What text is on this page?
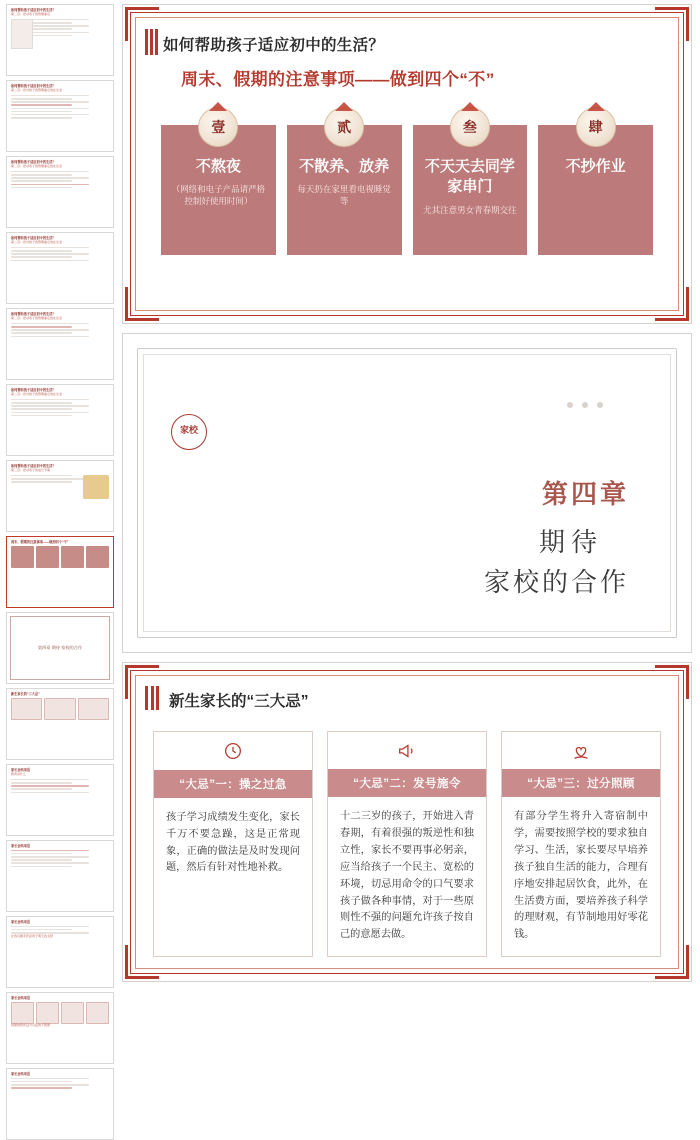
如何帮助孩子适应初中的生活？
第二章：把对孩子的管理重点
如何帮助孩子适应初中的生活？
第二章：把对孩子的管理重点放在生活
如何帮助孩子适应初中的生活？
第二章：把对孩子的管理重点放在生活
如何帮助孩子适应初中的生活？
第二章：把对孩子的管理重点放在生活
如何帮助孩子适应初中的生活？
第二章：把对孩子的管理重点放在生活
如何帮助孩子适应初中的生活？
第二章：把对孩子的管理重点放在生活
如何帮助孩子适应初中的生活？
第三章：把对孩子的成长节奏
周末、假期的注意事项——做到四个“不”
第四章 期待 家校的合作
新生家长的“三大忌”
家长会结束语
教育是什么
家长会结束语
家长会结束语
让我们携手托起孩子明天的太阳
家长会结束语
祝愿的管优良力以赴的不管愿
家长会结束语
如何帮助孩子适应初中的生活？
周末、假期的注意事项——做到四个“不”
壹
不熬夜
（网络和电子产品请严格控制好使用时间）
贰
不散养、放养
每天扔在家里看电视睡觉等
叁
不天天去同学家串门
尤其注意男女青春期交往
肆
不抄作业
家校
第四章
期待
家校的合作
新生家长的“三大忌”
“大忌”一：操之过急
孩子学习成绩发生变化，家长千万不要急躁，这是正常现象，正确的做法是及时发现问题，然后有针对性地补救。
“大忌”二：发号施令
十二三岁的孩子，开始进入青春期，有着很强的叛逆性和独立性，家长不要再事必躬亲，应当给孩子一个民主、宽松的环境，切忌用命令的口气要求孩子做各种事情，对于一些原则性不强的问题允许孩子按自己的意愿去做。
“大忌”三：过分照顾
有部分学生将升入寄宿制中学，需要按照学校的要求独自学习、生活，家长要尽早培养孩子独自生活的能力，合理有序地安排起居饮食，此外，在生活费方面，要培养孩子科学的理财观，有节制地用好零花钱。
